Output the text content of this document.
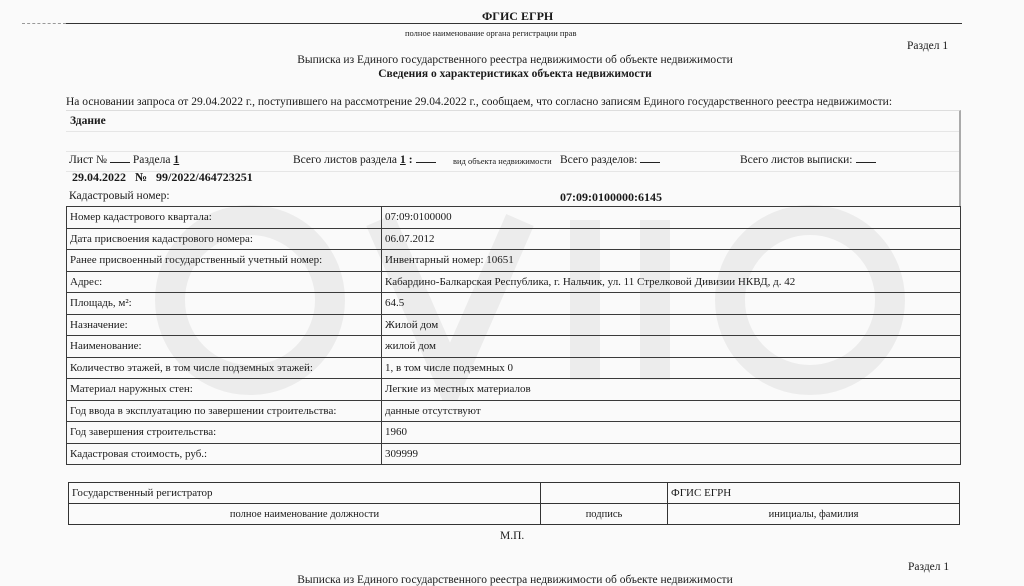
ФГИС ЕГРН
полное наименование органа регистрации прав
Раздел 1
Выписка из Единого государственного реестра недвижимости об объекте недвижимости
Сведения о характеристиках объекта недвижимости
На основании запроса от 29.04.2022 г., поступившего на рассмотрение 29.04.2022 г., сообщаем, что согласно записям Единого государственного реестра недвижимости:
Здание
вид объекта недвижимости
Лист № Раздела 1	Всего листов раздела 1 :	Всего разделов:	Всего листов выписки:
29.04.2022   №   99/2022/464723251
Кадастровый номер:	07:09:0100000:6145
Номер кадастрового квартала:	07:09:0100000
Дата присвоения кадастрового номера:	06.07.2012
Ранее присвоенный государственный учетный номер:	Инвентарный номер: 10651
Адрес:	Кабардино-Балкарская Республика, г. Нальчик, ул. 11 Стрелковой Дивизии НКВД, д. 42
Площадь, м²:	64.5
Назначение:	Жилой дом
Наименование:	жилой дом
Количество этажей, в том числе подземных этажей:	1, в том числе подземных 0
Материал наружных стен:	Легкие из местных материалов
Год ввода в эксплуатацию по завершении строительства:	данные отсутствуют
Год завершения строительства:	1960
Кадастровая стоимость, руб.:	309999
Государственный регистратор		ФГИС ЕГРН
полное наименование должности	подпись	инициалы, фамилия
М.П.
Раздел 1
Выписка из Единого государственного реестра недвижимости об объекте недвижимости
